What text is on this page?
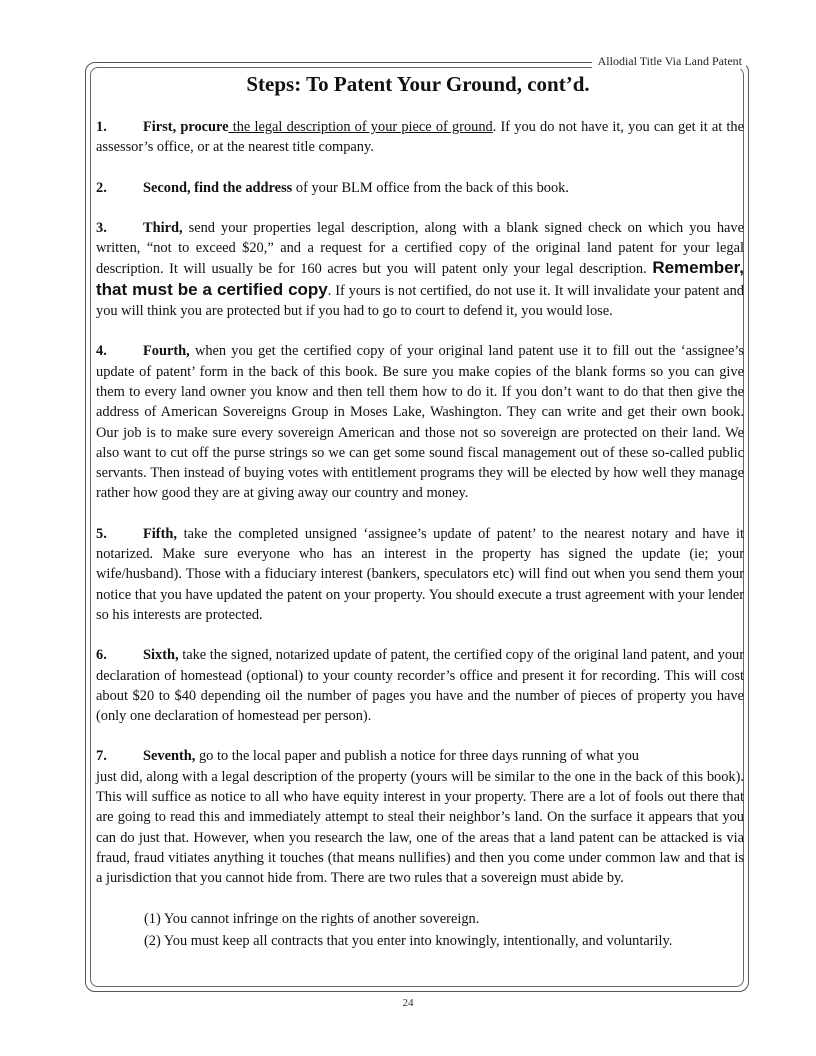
Allodial Title Via Land Patent
Steps: To Patent Your Ground, cont’d.

1.	First, procure the legal description of your piece of ground. If you do not have it, you can get it at the assessor’s office, or at the nearest title company.

2.	Second, find the address of your BLM office from the back of this book.

3.	Third, send your properties legal description, along with a blank signed check on which you have written, “not to exceed $20,” and a request for a certified copy of the original land patent for your legal description. It will usually be for 160 acres but you will patent only your legal description. Remember, that must be a certified copy. If yours is not certified, do not use it. It will invalidate your patent and you will think you are protected but if you had to go to court to defend it, you would lose.

4.	Fourth, when you get the certified copy of your original land patent use it to fill out the ‘assignee’s update of patent’ form in the back of this book. Be sure you make copies of the blank forms so you can give them to every land owner you know and then tell them how to do it. If you don’t want to do that then give the address of American Sovereigns Group in Moses Lake, Washington. They can write and get their own book. Our job is to make sure every sovereign American and those not so sovereign are protected on their land. We also want to cut off the purse strings so we can get some sound fiscal management out of these so-called public servants. Then instead of buying votes with entitlement programs they will be elected by how well they manage rather how good they are at giving away our country and money.

5.	Fifth, take the completed unsigned ‘assignee’s update of patent’ to the nearest notary and have it notarized. Make sure everyone who has an interest in the property has signed the update (ie; your wife/husband). Those with a fiduciary interest (bankers, speculators etc) will find out when you send them your notice that you have updated the patent on your property. You should execute a trust agreement with your lender so his interests are protected.

6.	Sixth, take the signed, notarized update of patent, the certified copy of the original land patent, and your declaration of homestead (optional) to your county recorder’s office and present it for recording. This will cost about $20 to $40 depending oil the number of pages you have and the number of pieces of property you have (only one declaration of homestead per person).

7.	Seventh, go to the local paper and publish a notice for three days running of what you

just did, along with a legal description of the property (yours will be similar to the one in the back of this book). This will suffice as notice to all who have equity interest in your property. There are a lot of fools out there that are going to read this and immediately attempt to steal their neighbor’s land. On the surface it appears that you can do just that. However, when you research the law, one of the areas that a land patent can be attacked is via fraud, fraud vitiates anything it touches (that means nullifies) and then you come under common law and that is a jurisdiction that you cannot hide from. There are two rules that a sovereign must abide by.

(1) You cannot infringe on the rights of another sovereign.

(2) You must keep all contracts that you enter into knowingly, intentionally, and voluntarily.

24
